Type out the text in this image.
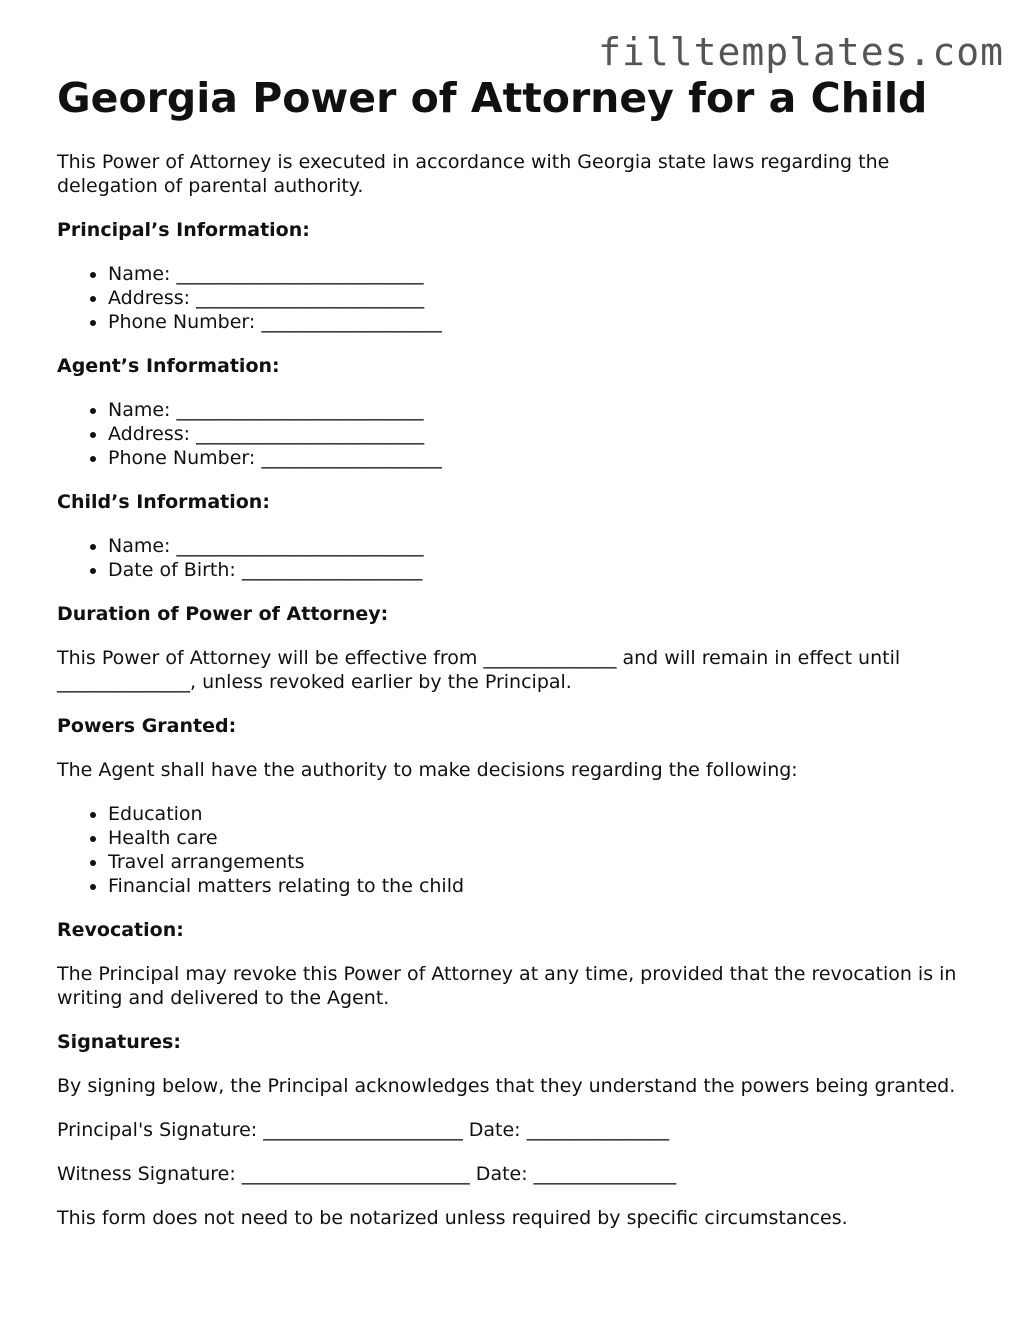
filltemplates.com
Georgia Power of Attorney for a Child

This Power of Attorney is executed in accordance with Georgia state laws regarding the delegation of parental authority.

Principal’s Information:

• Name: __________________________
• Address: ________________________
• Phone Number: ___________________

Agent’s Information:

• Name: __________________________
• Address: ________________________
• Phone Number: ___________________

Child’s Information:

• Name: __________________________
• Date of Birth: ___________________

Duration of Power of Attorney:

This Power of Attorney will be effective from ______________ and will remain in effect until ______________, unless revoked earlier by the Principal.

Powers Granted:

The Agent shall have the authority to make decisions regarding the following:

• Education
• Health care
• Travel arrangements
• Financial matters relating to the child

Revocation:

The Principal may revoke this Power of Attorney at any time, provided that the revocation is in writing and delivered to the Agent.

Signatures:

By signing below, the Principal acknowledges that they understand the powers being granted.

Principal's Signature: _____________________ Date: _______________

Witness Signature: ________________________ Date: _______________

This form does not need to be notarized unless required by specific circumstances.
